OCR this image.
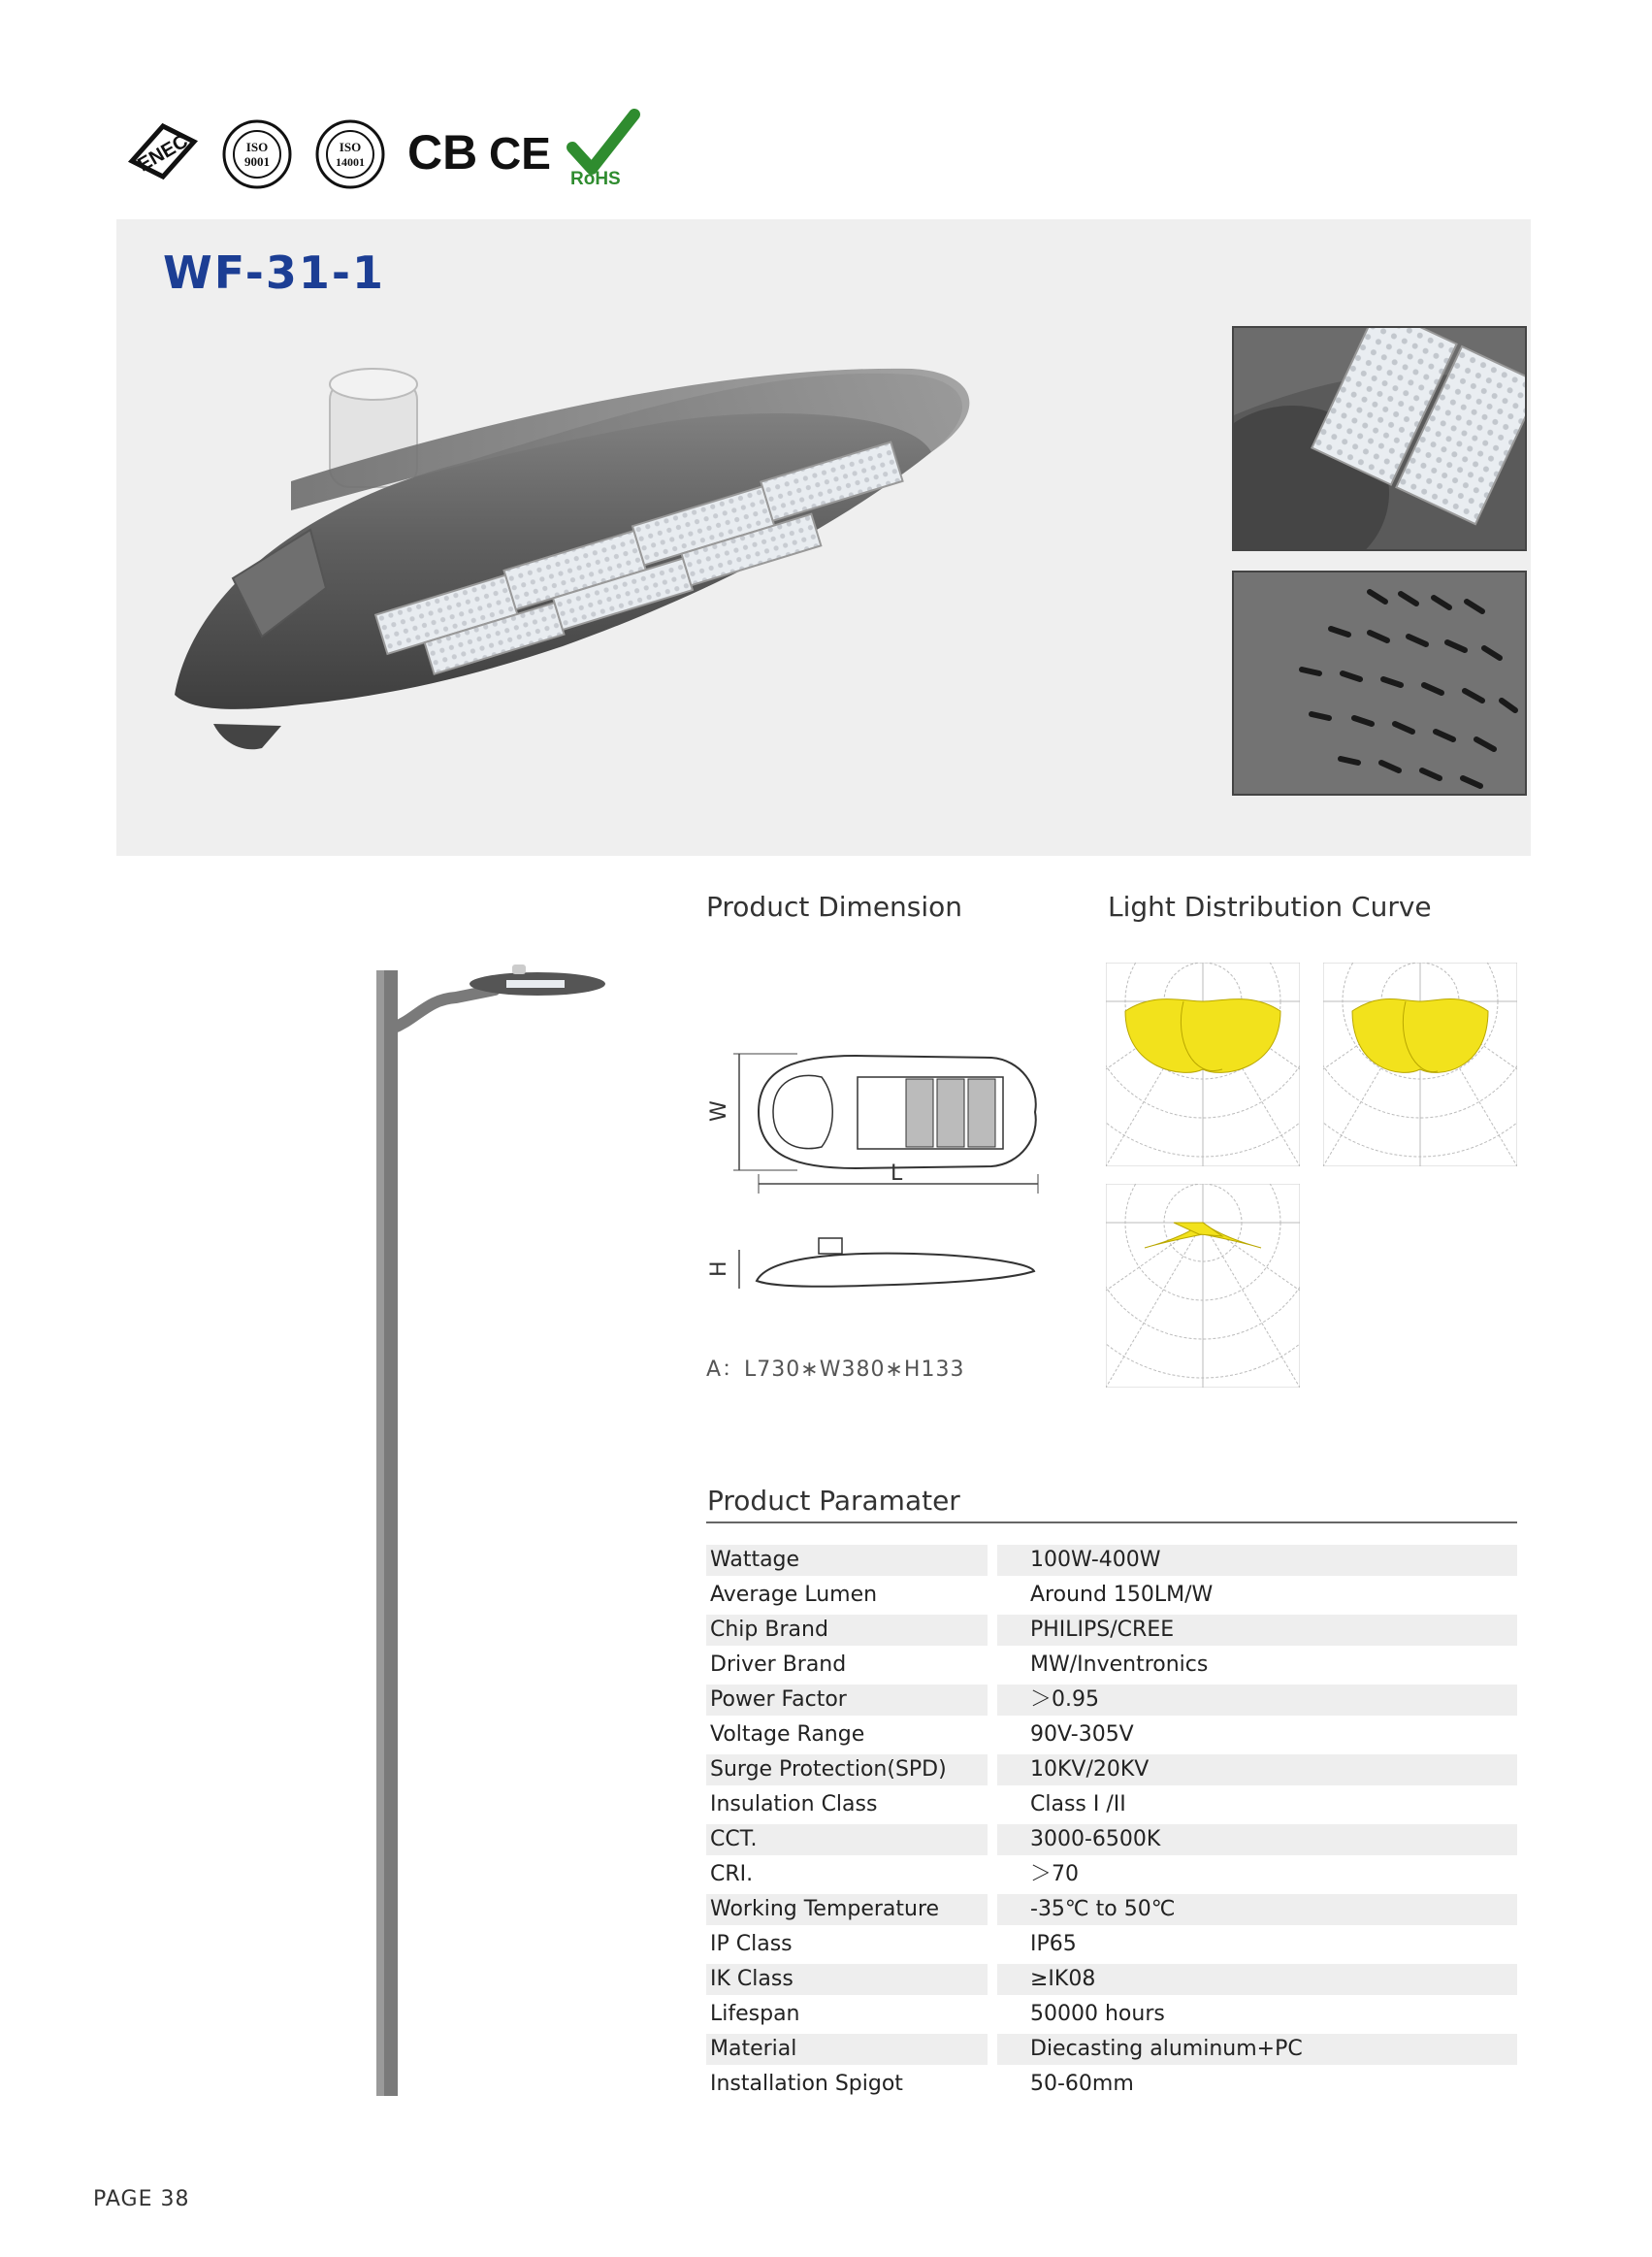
ENEC	ISO
9001
ISO
14001 CB CE
RoHS
WF-31-1
Product Dimension
W
L
H
A：L730∗W380∗H133
Light Distribution Curve
Product Paramater
Wattage	100W-400W
Average Lumen	Around 150LM/W
Chip Brand	PHILIPS/CREE
Driver Brand	MW/Inventronics
Power Factor	＞0.95
Voltage Range	90V-305V
Surge Protection(SPD)	10KV/20KV
Insulation Class	Class I /II
CCT.	3000-6500K
CRI.	＞70
Working Temperature	-35℃ to 50℃
IP Class	IP65
IK Class	≥IK08
Lifespan	50000 hours
Material	Diecasting aluminum+PC
Installation Spigot	50-60mm
PAGE 38
